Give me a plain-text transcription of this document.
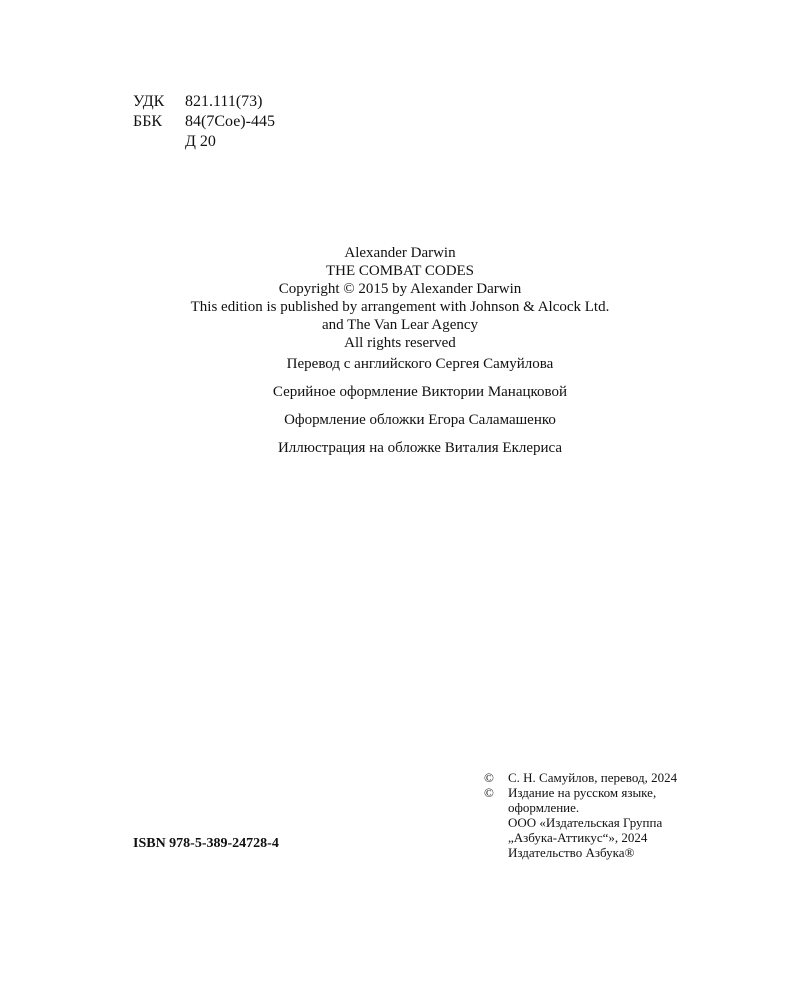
УДК	821.111(73)
ББК	84(7Сое)-445
Д 20
Alexander Darwin
THE COMBAT CODES
Copyright © 2015 by Alexander Darwin
This edition is published by arrangement with Johnson & Alcock Ltd.
and The Van Lear Agency
All rights reserved
Перевод с английского Сергея Самуйлова
Серийное оформление Виктории Манацковой
Оформление обложки Егора Саламашенко
Иллюстрация на обложке Виталия Еклериса
ISBN 978-5-389-24728-4
©	С. Н. Самуйлов, перевод, 2024
©	Издание на русском языке,
оформление.
ООО «Издательская Группа
„Азбука-Аттикус“», 2024
Издательство Азбука®
